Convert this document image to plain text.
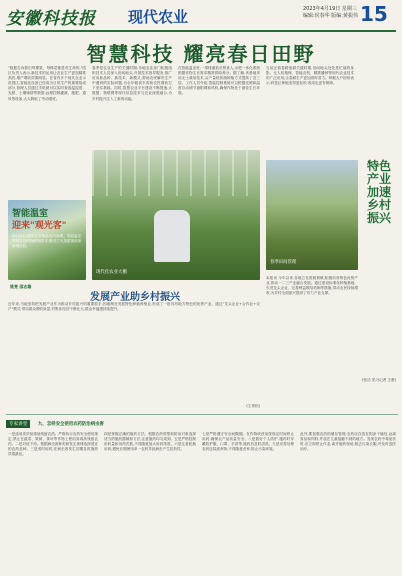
安徽科技报 现代农业	2023年4月19日 星期三
编辑:侯春华 版编:黄振伟 15
智慧科技 耀亮春日田野
"数据告诉我们每棵果、每株菜都是有生命的,"园区负责人表示,新技术的运用让农业生产更加精准高效,增产增收效果明显。在省内多个现代农业示范园区,智能化设备已经成为日常生产的重要组成部分,管理人员通过手机就可以实时查看温湿度、光照、土壤墒情等数据,远程控制灌溉、施肥、通风等设备,大大降低了劳动强度。
春季是农业生产的关键时期,各地农业部门积极组织技术人员深入田间地头,开展技术指导服务,推广应用新品种、新技术、新模式,帮助农民解决生产中遇到的实际问题,为全年粮食丰收和农民增收打下坚实基础。同时,智慧农业平台建设不断提速,大数据、物联网等现代信息技术与农业深度融合,为乡村振兴注入了新的动能。
在智能温室里,一排排番茄长势喜人,水肥一体化系统根据作物生长需求精准供给养分。据了解,该基地采用无土栽培技术,亩产量较传统种植方式提高了近三倍。工作人员介绍,智能控制系统可以根据光照和温度自动调节遮阳网和风机,确保作物处于最佳生长环境。
当前正值春耕备耕关键时期,田间地头处处是忙碌的身影。无人机植保、智能农机、精准播种等现代农业技术的广泛应用,让春耕生产更加省时省力。种粮大户纷纷表示,科技让种地变得更轻松,收成也更有保障。
智能温室
迎来"观光客"
4月16日,游客在智能温室内参观。智能温室采用先进的物联网技术,吸引了大批游客前来参观体验。
现代化农业大棚
春季田间管理
特色产业加速乡村振兴
本报讯 今年以来,各地立足资源禀赋,积极培育特色优势产业,推动一二三产业融合发展。通过建设标准化种植基地、引进龙头企业、完善利益联结机制等措施,带动农民持续增收,为乡村全面振兴提供了有力产业支撑。
(张洁 见习记者 王蕾)
姚亮 邵志雄
发展产业助乡村振兴
近年来,当地坚持把发展产业作为推动乡村振兴的重要抓手,因地制宜发展特色种植养殖业,形成了一批具有地方特色的优势产业。通过"龙头企业+合作社+农户"模式,带动群众增收致富,村集体经济不断壮大,群众幸福感持续提升。
(王青松)
专家讲堂	九、怎样安全使用农药防治病虫害
一是选用高效低毒低残留农药。严格执行农药安全使用规定,禁止在蔬菜、果树、茶叶等作物上使用高毒高残留农药。二是对症下药。根据病虫害种类和发生规律选择适宜的农药品种。三是适时用药,在病虫害发生初期及时施药效果最佳。
四是掌握正确的施药方法。根据农药剂型和防治对象选择适当的施药器械和方法,注意施药均匀周到。五是严格控制用药量和用药次数,不得随意加大用药浓度。六是注意轮换用药,避免长期使用单一农药导致病虫产生抗药性。
七是严格遵守安全间隔期。在作物收获前按规定时间停止用药,确保农产品质量安全。八是做好个人防护,施药时穿戴防护服、口罩、手套等,施药后及时清洗。九是妥善处理农药包装废弃物,不得随意丢弃,防止污染环境。
此外,要加强农药的储存管理,农药应存放在阴凉干燥处,远离食品和饲料,并放在儿童接触不到的地方。发现农药中毒症状时,应立即停止作业,离开施药现场,脱去污染衣服,并及时送医治疗。
